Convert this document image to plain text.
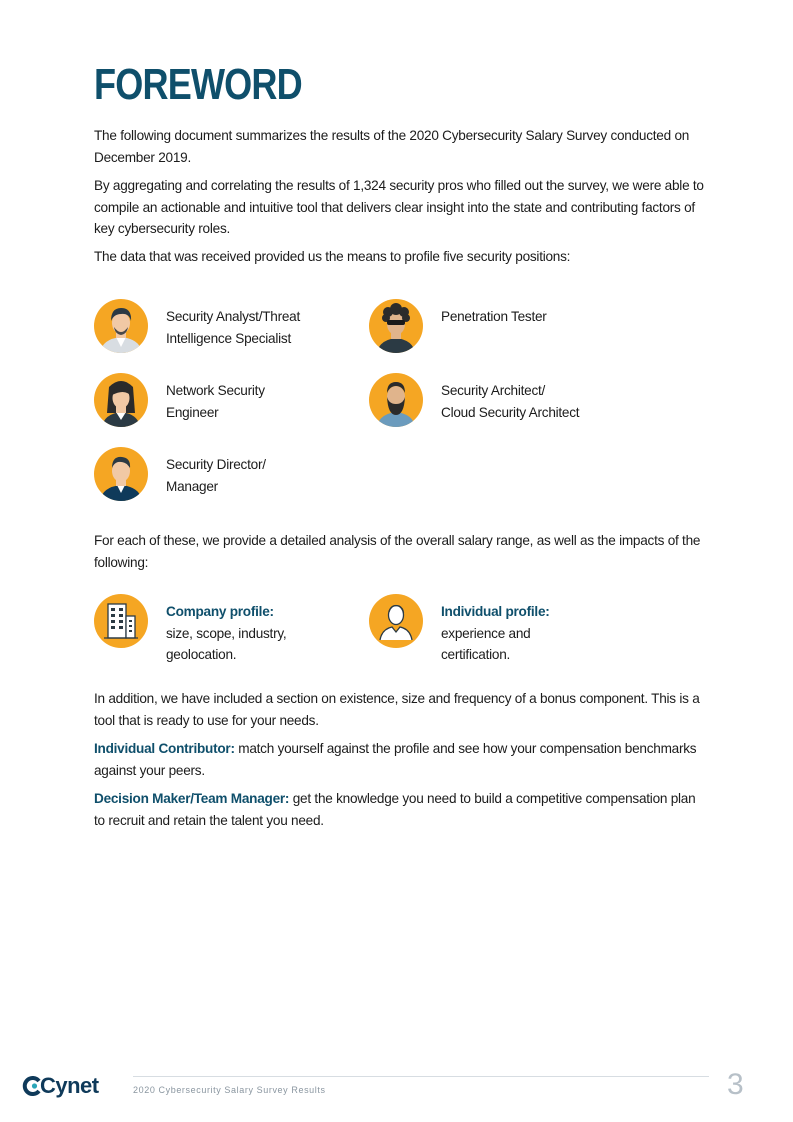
FOREWORD

The following document summarizes the results of the 2020 Cybersecurity Salary Survey conducted on December 2019.

By aggregating and correlating the results of 1,324 security pros who filled out the survey, we were able to compile an actionable and intuitive tool that delivers clear insight into the state and contributing factors of key cybersecurity roles.

The data that was received provided us the means to profile five security positions:

Security Analyst/Threat
Intelligence Specialist
Penetration Tester
Network Security
Engineer
Security Architect/
Cloud Security Architect
Security Director/
Manager

For each of these, we provide a detailed analysis of the overall salary range, as well as the impacts of the following:

Company profile:
size, scope, industry,
geolocation.
Individual profile:
experience and
certification.

In addition, we have included a section on existence, size and frequency of a bonus component. This is a tool that is ready to use for your needs.

Individual Contributor: match yourself against the profile and see how your compensation benchmarks against your peers.

Decision Maker/Team Manager: get the knowledge you need to build a competitive compensation plan to recruit and retain the talent you need.

Cynet	2020 Cybersecurity Salary Survey Results	3
